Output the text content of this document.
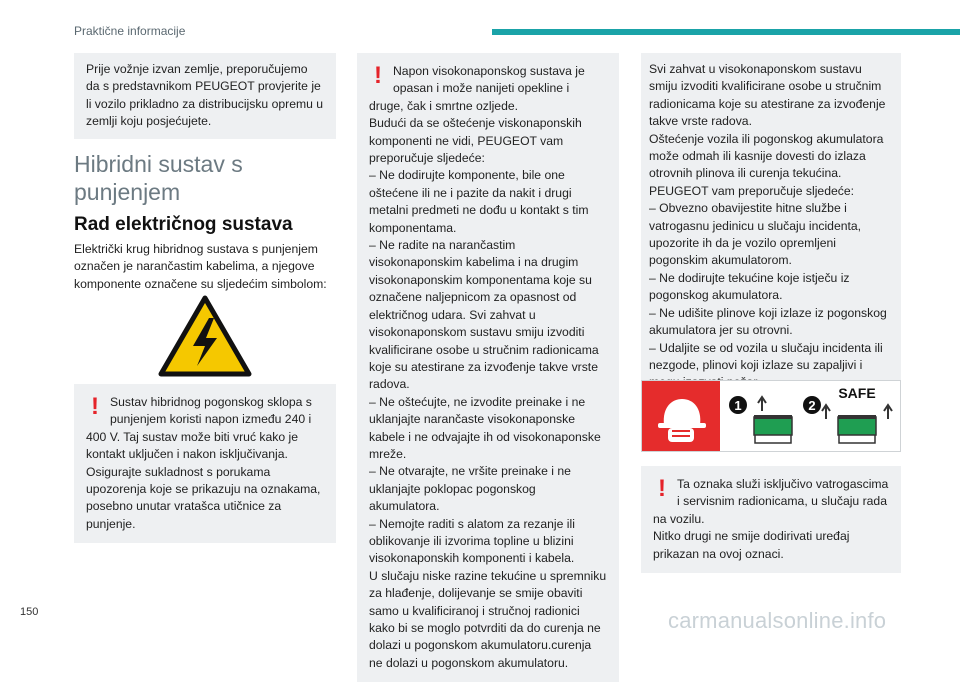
Praktične informacije

Prije vožnje izvan zemlje, preporučujemo da s predstavnikom PEUGEOT provjerite je li vozilo prikladno za distribucijsku opremu u zemlji koju posjećujete.

Hibridni sustav s punjenjem
Rad električnog sustava

Električki krug hibridnog sustava s punjenjem označen je narančastim kabelima, a njegove komponente označene su sljedećim simbolom:

! Sustav hibridnog pogonskog sklopa s punjenjem koristi napon između 240 i 400 V. Taj sustav može biti vruć kako je kontakt uključen i nakon isključivanja.

Osigurajte sukladnost s porukama upozorenja koje se prikazuju na oznakama, posebno unutar vratašca utičnice za punjenje.

! Napon visokonaponskog sustava je opasan i može nanijeti opekline i druge, čak i smrtne ozljede.

Budući da se oštećenje viskonaponskih komponenti ne vidi, PEUGEOT vam preporučuje sljedeće:

– Ne dodirujte komponente, bile one oštećene ili ne i pazite da nakit i drugi metalni predmeti ne dođu u kontakt s tim komponentama.

– Ne radite na narančastim visokonaponskim kabelima i na drugim visokonaponskim komponentama koje su označene naljepnicom za opasnost od električnog udara. Svi zahvat u visokonaponskom sustavu smiju izvoditi kvalificirane osobe u stručnim radionicama koje su atestirane za izvođenje takve vrste radova.

– Ne oštećujte, ne izvodite preinake i ne uklanjajte narančaste visokonaponske kabele i ne odvajajte ih od visokonaponske mreže.

– Ne otvarajte, ne vršite preinake i ne uklanjajte poklopac pogonskog akumulatora.

– Nemojte raditi s alatom za rezanje ili oblikovanje ili izvorima topline u blizini visokonaponskih komponenti i kabela.

U slučaju niske razine tekućine u spremniku za hlađenje, dolijevanje se smije obaviti samo u kvalificiranoj i stručnoj radionici kako bi se moglo potvrditi da do curenja ne dolazi u pogonskom akumulatoru.curenja ne dolazi u pogonskom akumulatoru.

Svi zahvat u visokonaponskom sustavu smiju izvoditi kvalificirane osobe u stručnim radionicama koje su atestirane za izvođenje takve vrste radova.

Oštećenje vozila ili pogonskog akumulatora može odmah ili kasnije dovesti do izlaza otrovnih plinova ili curenja tekućina.

PEUGEOT vam preporučuje sljedeće:

– Obvezno obavijestite hitne službe i vatrogasnu jedinicu u slučaju incidenta, upozorite ih da je vozilo opremljeni pogonskim akumulatorom.

– Ne dodirujte tekućine koje istječu iz pogonskog akumulatora.

– Ne udišite plinove koji izlaze iz pogonskog akumulatora jer su otrovni.

– Udaljite se od vozila u slučaju incidenta ili nezgode, plinovi koji izlaze su zapaljivi i

1	2
SAFE
! Ta oznaka služi isključivo vatrogascima i servisnim radionicama, u slučaju rada na vozilu.

Nitko drugi ne smije dodirivati uređaj prikazan na ovoj oznaci.

150	carmanualsonline.info
